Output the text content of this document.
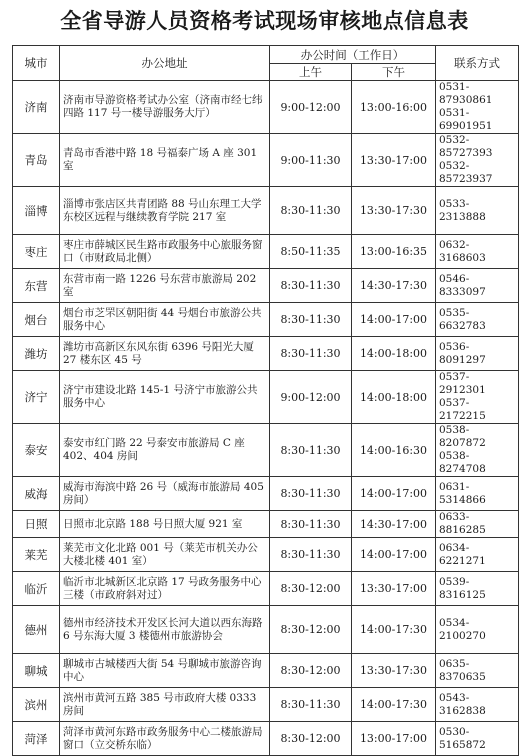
全省导游人员资格考试现场审核地点信息表
城市	办公地址	办公时间（工作日）		联系方式
		上午	下午	
济南	济南市导游资格考试办公室（济南市经七纬四路 117 号一楼导游服务大厅）	9:00-12:00	13:00-16:00	0531-87930861
0531-69901951

青岛	青岛市香港中路 18 号福泰广场 A 座 301 室	9:00-11:30	13:30-17:00	0532-85727393
0532-85723937

淄博	淄博市张店区共青团路 88 号山东理工大学东校区远程与继续教育学院 217 室	8:30-11:30	13:30-17:30	0533-2313888

枣庄	枣庄市薛城区民生路市政服务中心旅服务窗口（市财政局北侧）	8:50-11:35	13:00-16:35	0632-3168603

东营	东营市南一路 1226 号东营市旅游局 202 室	8:30-11:30	14:30-17:30	0546-8333097

烟台	烟台市芝罘区朝阳街 44 号烟台市旅游公共服务中心	8:30-11:30	14:00-17:00	0535-6632783

潍坊	潍坊市高新区东风东街 6396 号阳光大厦 27 楼东区 45 号	8:30-11:30	14:00-18:00	0536-8091297

济宁	济宁市建设北路 145-1 号济宁市旅游公共服务中心	9:00-12:00	14:00-18:00	0537-2912301
0537-2172215

泰安	泰安市红门路 22 号泰安市旅游局 C 座 402、404 房间	8:30-11:30	14:00-16:30	0538-8207872
0538-8274708

威海	威海市海滨中路 26 号（威海市旅游局 405 房间）	8:30-11:30	14:00-17:00	0631-5314866

日照	日照市北京路 188 号日照大厦 921 室	8:30-11:30	14:30-17:00	0633-8816285

莱芜	莱芜市文化北路 001 号（莱芜市机关办公大楼北楼 401 室）	8:30-11:30	14:00-17:00	0634-6221271

临沂	临沂市北城新区北京路 17 号政务服务中心三楼（市政府斜对过）	8:30-12:00	13:30-17:00	0539-8316125

德州	德州市经济技术开发区长河大道以西东海路 6 号东海大厦 3 楼德州市旅游协会	8:30-12:00	14:00-17:30	0534-2100270

聊城	聊城市古城楼西大街 54 号聊城市旅游咨询中心	8:30-12:00	13:30-17:30	0635-8370635

滨州	滨州市黄河五路 385 号市政府大楼 0333 房间	8:30-11:30	14:00-17:30	0543-3162838

菏泽	菏泽市黄河东路市政务服务中心二楼旅游局窗口（立交桥东临）	8:30-12:00	13:00-17:00	0530-5165872
